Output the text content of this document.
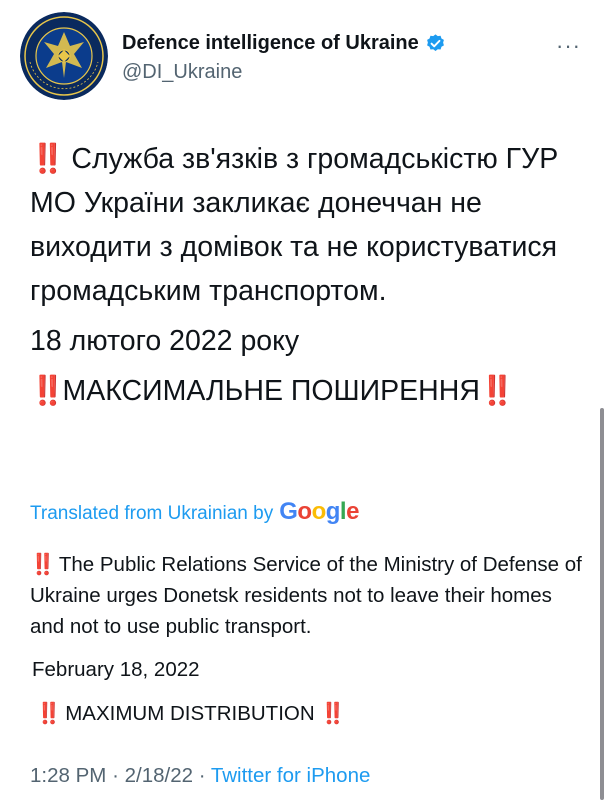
Defence intelligence of Ukraine
@DI_Ukraine
···

‼️ Служба зв'язків з громадськістю ГУР МО України закликає донеччан не виходити з домівок та не користуватися громадським транспортом.

18 лютого 2022 року

‼️МАКСИМАЛЬНЕ ПОШИРЕННЯ‼️

Translated from Ukrainian by Google

‼️ The Public Relations Service of the Ministry of Defense of Ukraine urges Donetsk residents not to leave their homes and not to use public transport.

February 18, 2022

‼️ MAXIMUM DISTRIBUTION ‼️

1:28 PM · 2/18/22 · Twitter for iPhone
